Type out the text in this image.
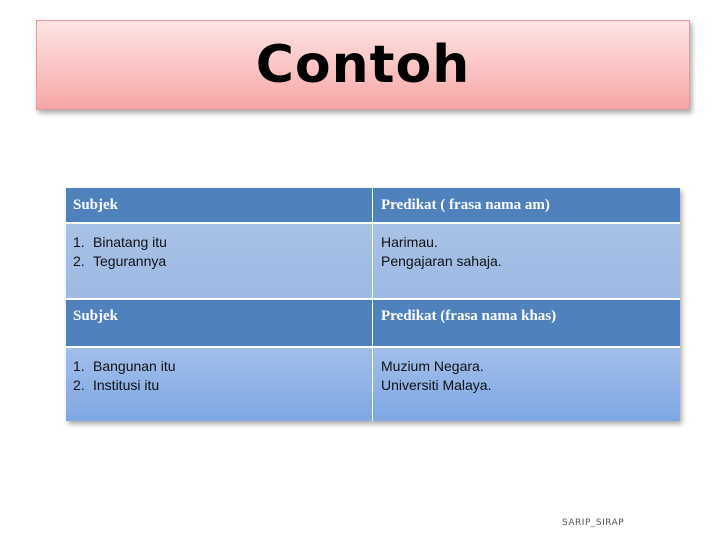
Contoh
Subjek	Predikat ( frasa nama am)
1. Binatang itu
2. Tegurannya
Harimau.
Pengajaran sahaja.
Subjek	Predikat (frasa nama khas)
1. Bangunan itu
2. Institusi itu
Muzium Negara.
Universiti Malaya.
SARIP_SIRAP
